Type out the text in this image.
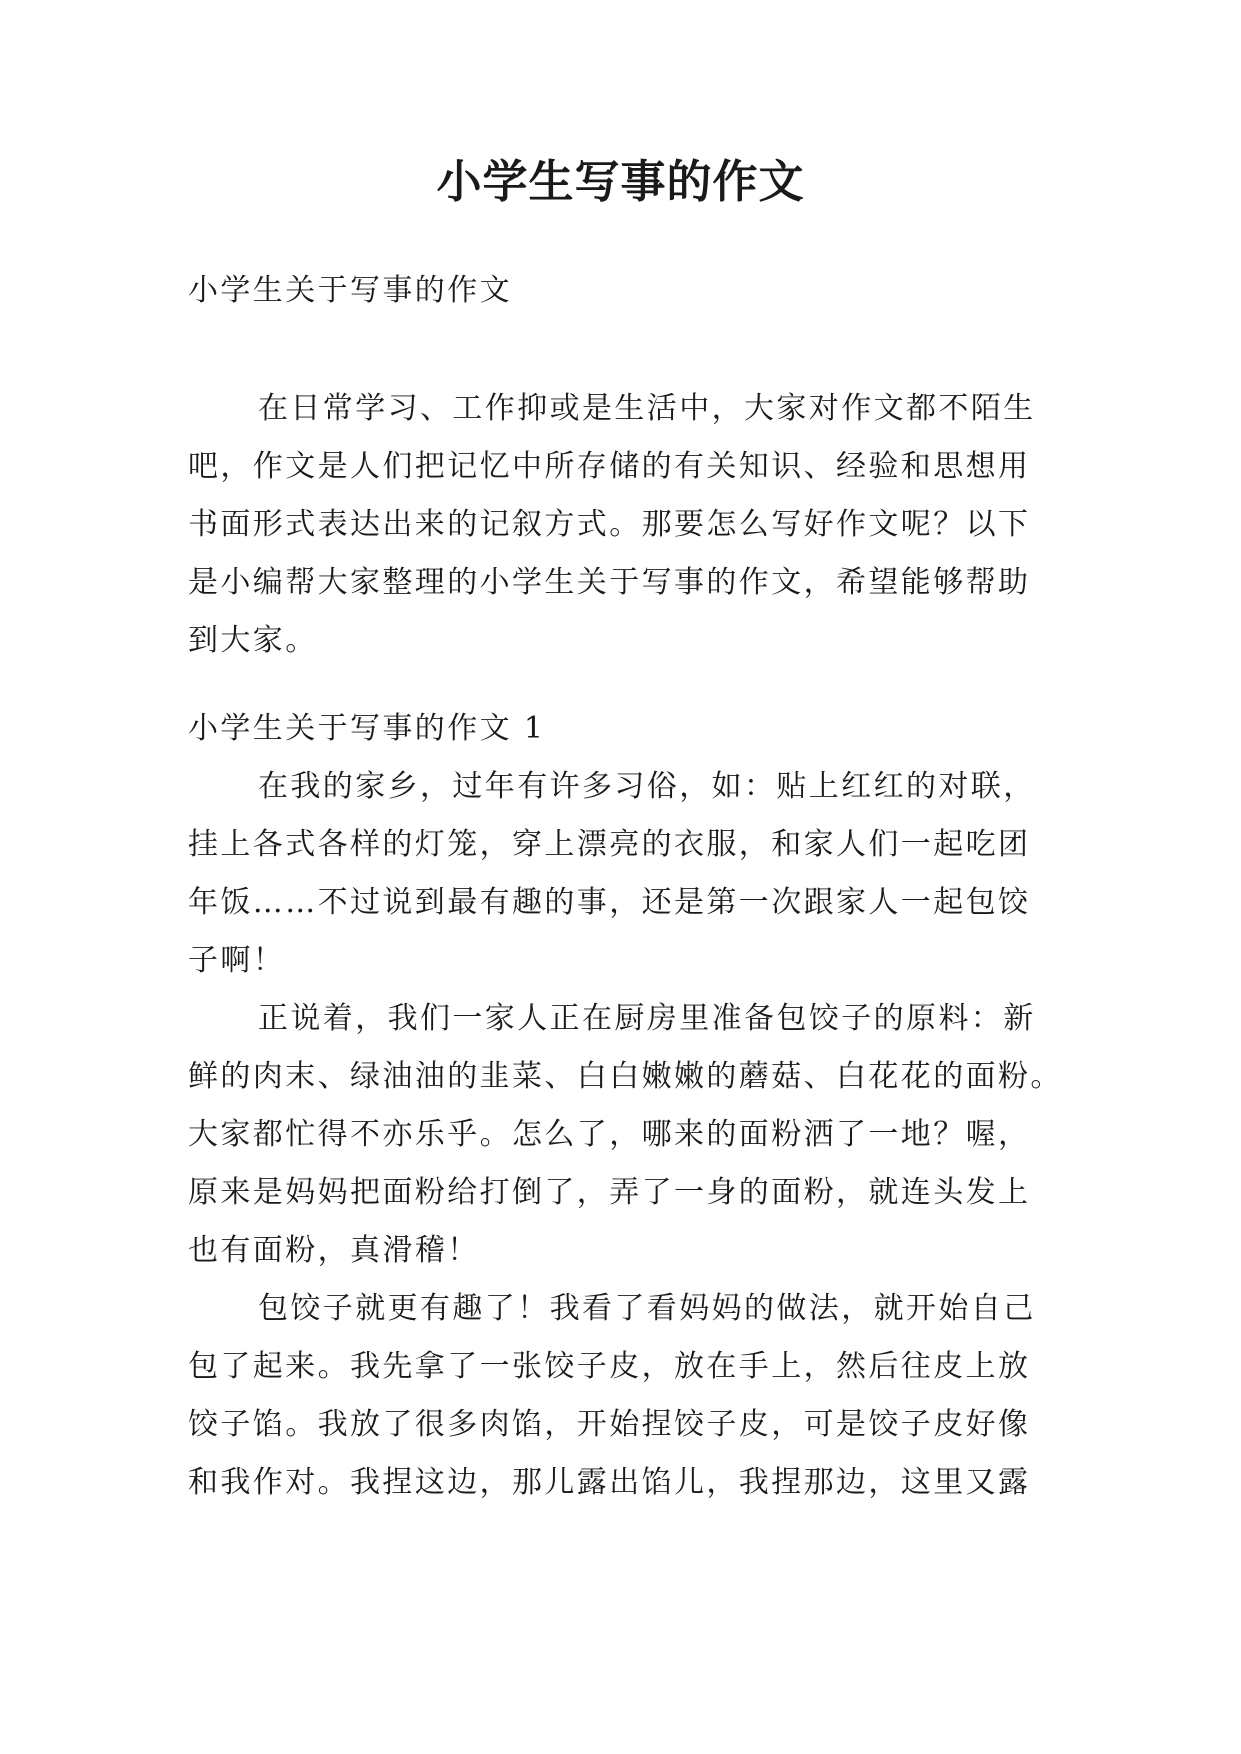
小学生写事的作文
小学生关于写事的作文
在日常学习、工作抑或是生活中，大家对作文都不陌生
吧，作文是人们把记忆中所存储的有关知识、经验和思想用
书面形式表达出来的记叙方式。那要怎么写好作文呢？以下
是小编帮大家整理的小学生关于写事的作文，希望能够帮助
到大家。
小学生关于写事的作文 1
在我的家乡，过年有许多习俗，如：贴上红红的对联，
挂上各式各样的灯笼，穿上漂亮的衣服，和家人们一起吃团
年饭……不过说到最有趣的事，还是第一次跟家人一起包饺
子啊！
正说着，我们一家人正在厨房里准备包饺子的原料：新
鲜的肉末、绿油油的韭菜、白白嫩嫩的蘑菇、白花花的面粉。
大家都忙得不亦乐乎。怎么了，哪来的面粉洒了一地？喔，
原来是妈妈把面粉给打倒了，弄了一身的面粉，就连头发上
也有面粉，真滑稽！
包饺子就更有趣了！我看了看妈妈的做法，就开始自己
包了起来。我先拿了一张饺子皮，放在手上，然后往皮上放
饺子馅。我放了很多肉馅，开始捏饺子皮，可是饺子皮好像
和我作对。我捏这边，那儿露出馅儿，我捏那边，这里又露
